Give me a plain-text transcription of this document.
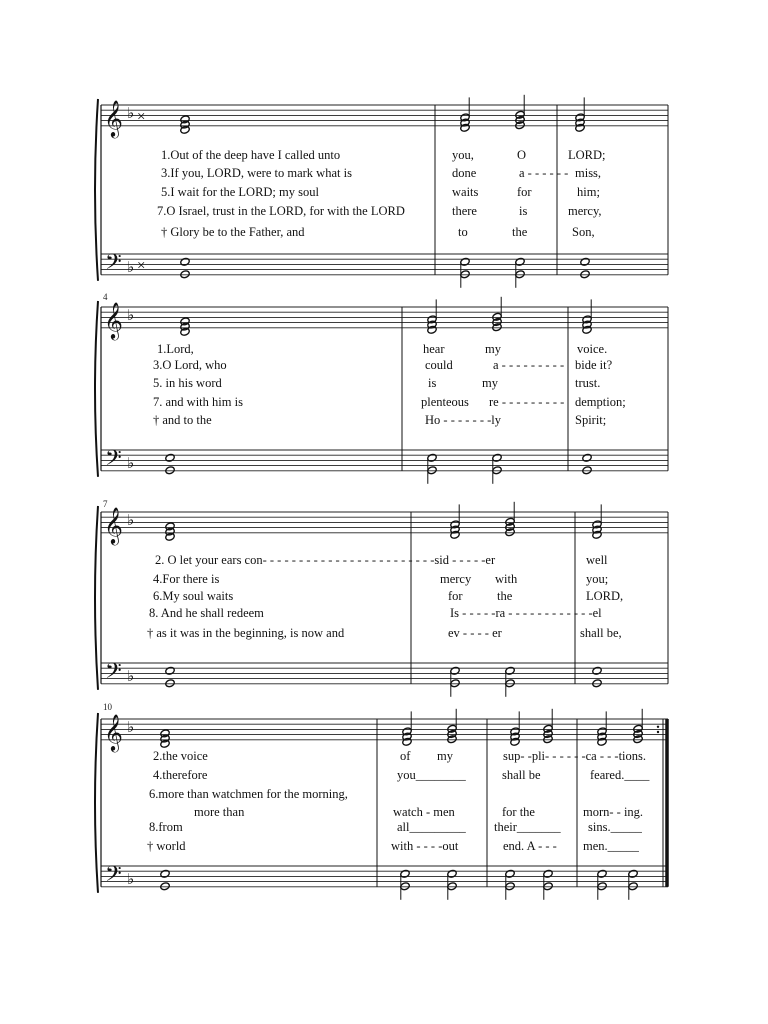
𝄞
𝄢
♭
♭
×
×
𝄞
𝄢
♭
♭
𝄞
𝄢
♭
♭
𝄞
𝄢
♭
♭
1.Out of the deep have I called unto
3.If you, LORD, were to mark what is
5.I wait for the LORD; my soul
7.O Israel, trust in the LORD, for with the LORD
† Glory be to the Father, and
you,	O	LORD;
done	a - - - - - - miss,
waits	for	him;
there	is	mercy,
to	the	Son,
1.Lord,
3.O Lord, who
5. in his word
7. and with him is
† and to the
hear	my	voice.
could	a - - - - - - - - - bide it?
is	my	trust.
plenteous re - - - - - - - - - demption;
Ho - - - - - - -ly	Spirit;
2. O let your ears con- - - - - - - - - - - - - - - - - - - - - - - -sid - - - - -er
4.For there is
6.My soul waits
8. And he shall redeem
† as it was in the beginning, is now and
well
mercy with	you;
for	the	LORD,
Is - - - - -ra - - - - - - - - - - - -el
ev - - - - er	shall be,
2.the voice
4.therefore
6.more than watchmen for the morning,
more than
8.from
† world
of my	sup- -pli- - - - - -ca - - -tions.
you________	shall be	feared.____
watch - men	for the	morn- - ing.
all_________ their_______ sins._____
with - - - -out	end. A - - - men._____
4
7
10
